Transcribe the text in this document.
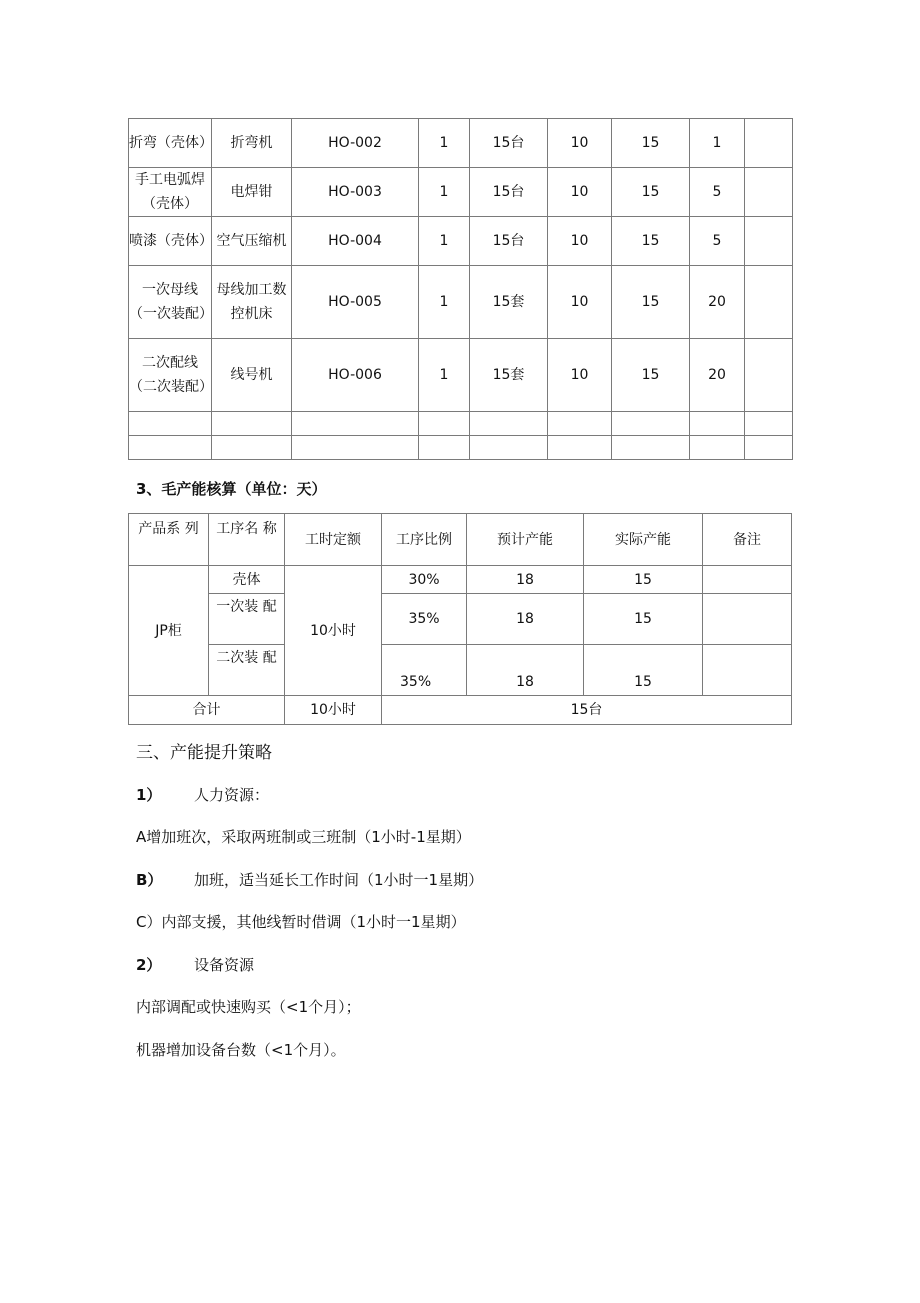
折弯（壳体）	折弯机	HO-002	1	15台	10	15	1	
手工电弧焊（壳体）	电焊钳	HO-003	1	15台	10	15	5	
喷漆（壳体）	空气压缩机	HO-004	1	15台	10	15	5	
一次母线（一次装配）	母线加工数控机床	HO-005	1	15套	10	15	20	
二次配线（二次装配）	线号机	HO-006	1	15套	10	15	20	

3、毛产能核算（单位：天）
产品系 列	工序名 称	工时定额	工序比例	预计产能	实际产能	备注
JP柜	壳体	10小时	30%	18	15	
	一次装 配		35%	18	15	
	二次装 配		35%	18	15	
合计		10小时	15台			
三、产能提升策略
1） 人力资源：
A增加班次，采取两班制或三班制（1小时-1星期）
B） 加班，适当延长工作时间（1小时一1星期）
C）内部支援，其他线暂时借调（1小时一1星期）
2） 设备资源
内部调配或快速购买（<1个月）；
机器增加设备台数（<1个月）。
